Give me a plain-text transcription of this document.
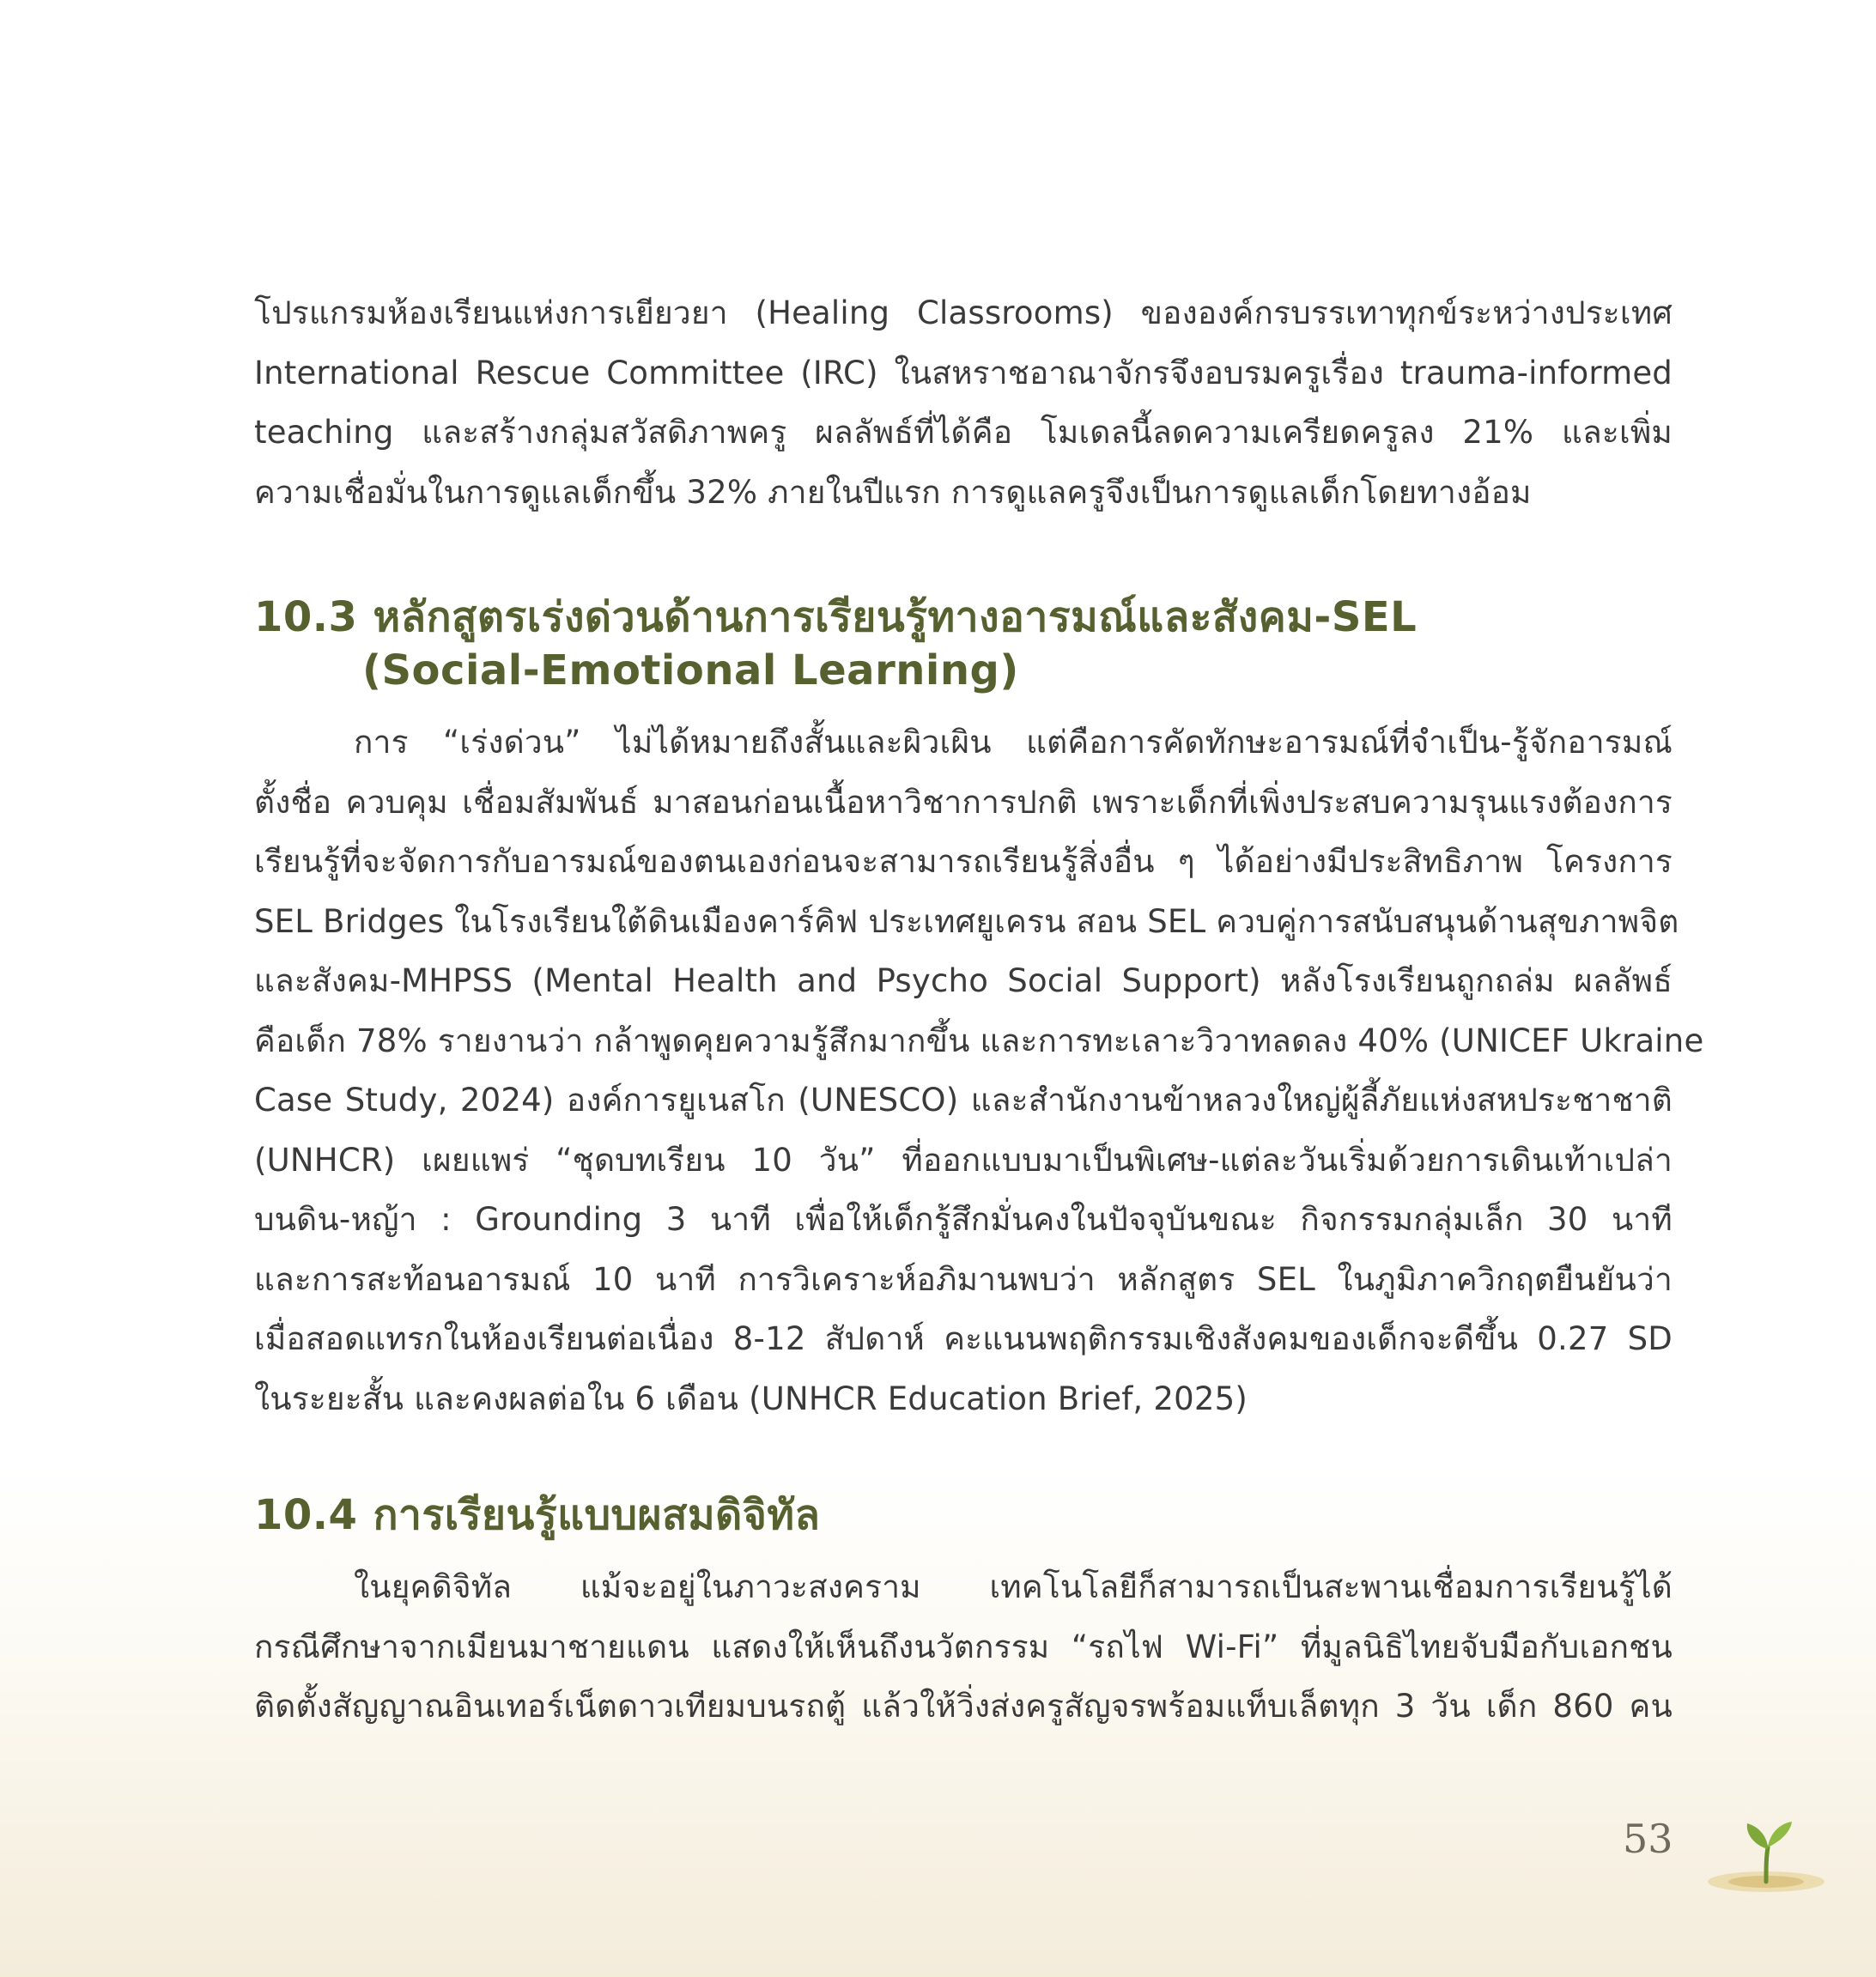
โปรแกรมห้องเรียนแห่งการเยียวยา (Healing Classrooms) ขององค์กรบรรเทาทุกข์ระหว่างประเทศ
International Rescue Committee (IRC) ในสหราชอาณาจักรจึงอบรมครูเรื่อง trauma-informed
teaching และสร้างกลุ่มสวัสดิภาพครู ผลลัพธ์ที่ได้คือ โมเดลนี้ลดความเครียดครูลง 21% และเพิ่ม
ความเชื่อมั่นในการดูแลเด็กขึ้น 32% ภายในปีแรก การดูแลครูจึงเป็นการดูแลเด็กโดยทางอ้อม

10.3 หลักสูตรเร่งด่วนด้านการเรียนรู้ทางอารมณ์และสังคม-SEL
(Social-Emotional Learning)

การ “เร่งด่วน” ไม่ได้หมายถึงสั้นและผิวเผิน แต่คือการคัดทักษะอารมณ์ที่จำเป็น-รู้จักอารมณ์
ตั้งชื่อ ควบคุม เชื่อมสัมพันธ์ มาสอนก่อนเนื้อหาวิชาการปกติ เพราะเด็กที่เพิ่งประสบความรุนแรงต้องการ
เรียนรู้ที่จะจัดการกับอารมณ์ของตนเองก่อนจะสามารถเรียนรู้สิ่งอื่น ๆ ได้อย่างมีประสิทธิภาพ โครงการ
SEL Bridges ในโรงเรียนใต้ดินเมืองคาร์คิฟ ประเทศยูเครน สอน SEL ควบคู่การสนับสนุนด้านสุขภาพจิต
และสังคม-MHPSS (Mental Health and Psycho Social Support) หลังโรงเรียนถูกถล่ม ผลลัพธ์
คือเด็ก 78% รายงานว่า กล้าพูดคุยความรู้สึกมากขึ้น และการทะเลาะวิวาทลดลง 40% (UNICEF Ukraine
Case Study, 2024) องค์การยูเนสโก (UNESCO) และสำนักงานข้าหลวงใหญ่ผู้ลี้ภัยแห่งสหประชาชาติ
(UNHCR) เผยแพร่ “ชุดบทเรียน 10 วัน” ที่ออกแบบมาเป็นพิเศษ-แต่ละวันเริ่มด้วยการเดินเท้าเปล่า
บนดิน-หญ้า : Grounding 3 นาที เพื่อให้เด็กรู้สึกมั่นคงในปัจจุบันขณะ กิจกรรมกลุ่มเล็ก 30 นาที
และการสะท้อนอารมณ์ 10 นาที การวิเคราะห์อภิมานพบว่า หลักสูตร SEL ในภูมิภาควิกฤตยืนยันว่า
เมื่อสอดแทรกในห้องเรียนต่อเนื่อง 8-12 สัปดาห์ คะแนนพฤติกรรมเชิงสังคมของเด็กจะดีขึ้น 0.27 SD
ในระยะสั้น และคงผลต่อใน 6 เดือน (UNHCR Education Brief, 2025)

10.4 การเรียนรู้แบบผสมดิจิทัล

ในยุคดิจิทัล แม้จะอยู่ในภาวะสงคราม เทคโนโลยีก็สามารถเป็นสะพานเชื่อมการเรียนรู้ได้
กรณีศึกษาจากเมียนมาชายแดน แสดงให้เห็นถึงนวัตกรรม “รถไฟ Wi-Fi” ที่มูลนิธิไทยจับมือกับเอกชน
ติดตั้งสัญญาณอินเทอร์เน็ตดาวเทียมบนรถตู้ แล้วให้วิ่งส่งครูสัญจรพร้อมแท็บเล็ตทุก 3 วัน เด็ก 860 คน

53
